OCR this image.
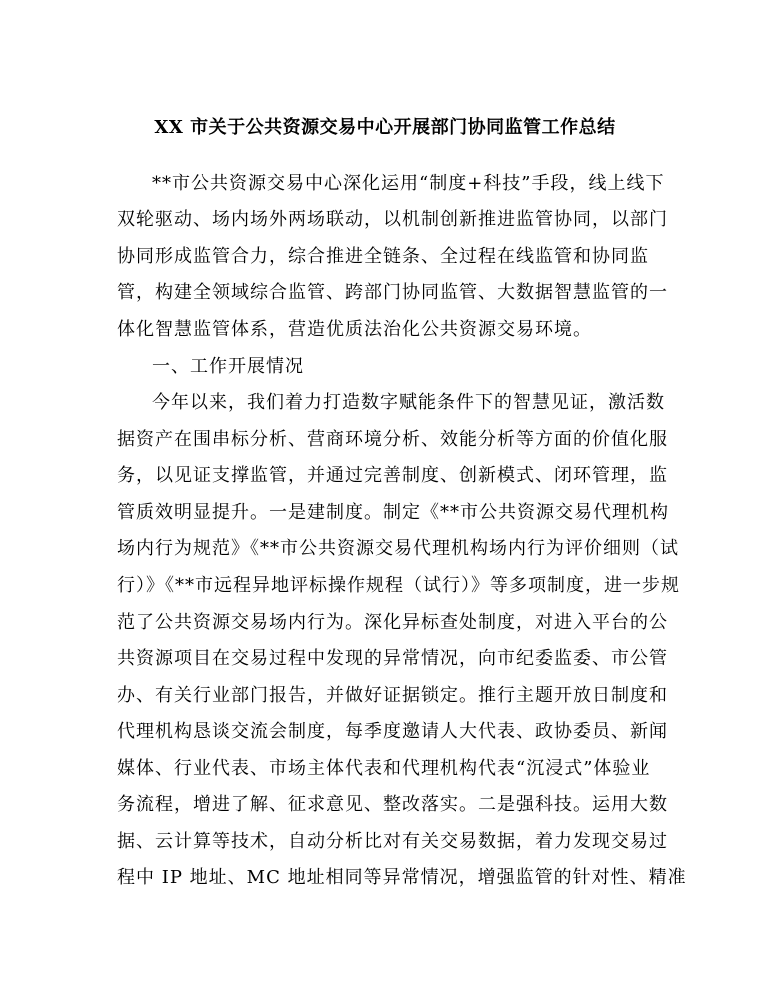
XX 市关于公共资源交易中心开展部门协同监管工作总结
**市公共资源交易中心深化运用“制度+科技”手段，线上线下
双轮驱动、场内场外两场联动，以机制创新推进监管协同，以部门
协同形成监管合力，综合推进全链条、全过程在线监管和协同监
管，构建全领域综合监管、跨部门协同监管、大数据智慧监管的一
体化智慧监管体系，营造优质法治化公共资源交易环境。
一、工作开展情况
今年以来，我们着力打造数字赋能条件下的智慧见证，激活数
据资产在围串标分析、营商环境分析、效能分析等方面的价值化服
务，以见证支撑监管，并通过完善制度、创新模式、闭环管理，监
管质效明显提升。一是建制度。制定《**市公共资源交易代理机构
场内行为规范》《**市公共资源交易代理机构场内行为评价细则（试
行）》《**市远程异地评标操作规程（试行）》等多项制度，进一步规
范了公共资源交易场内行为。深化异标查处制度，对进入平台的公
共资源项目在交易过程中发现的异常情况，向市纪委监委、市公管
办、有关行业部门报告，并做好证据锁定。推行主题开放日制度和
代理机构恳谈交流会制度，每季度邀请人大代表、政协委员、新闻
媒体、行业代表、市场主体代表和代理机构代表“沉浸式”体验业
务流程，增进了解、征求意见、整改落实。二是强科技。运用大数
据、云计算等技术，自动分析比对有关交易数据，着力发现交易过
程中 IP 地址、MC 地址相同等异常情况，增强监管的针对性、精准
